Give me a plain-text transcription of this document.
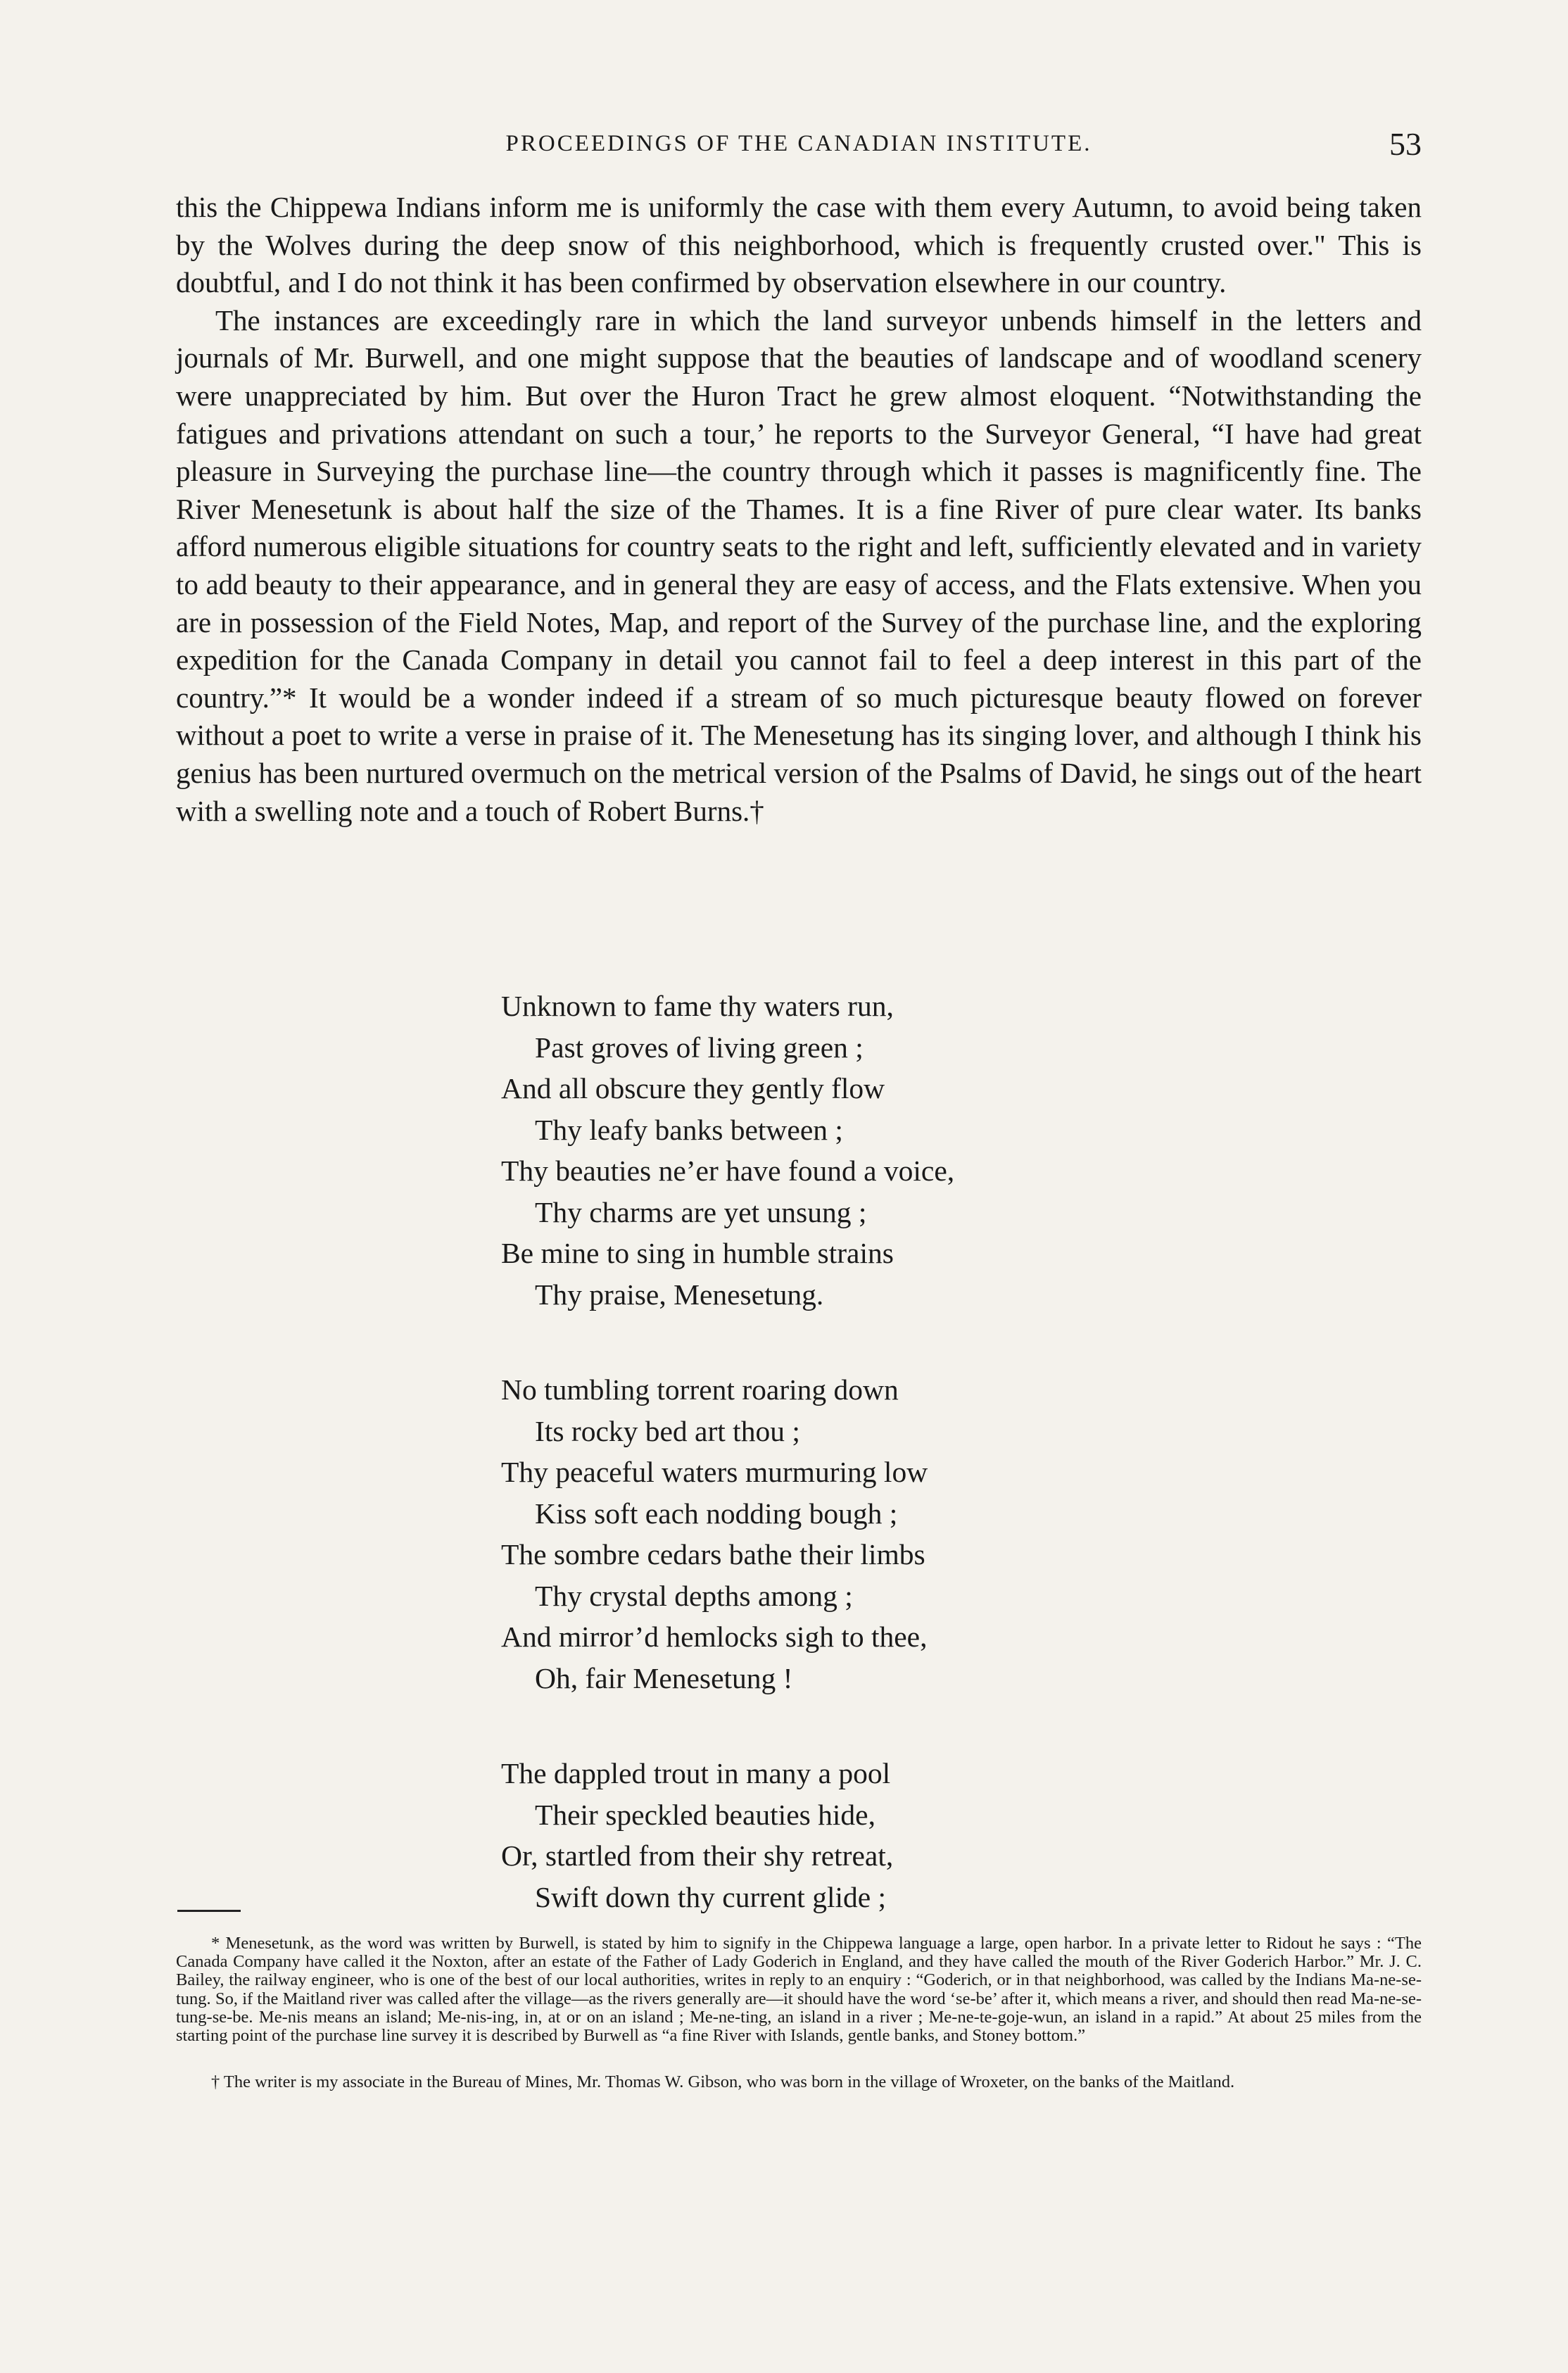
PROCEEDINGS OF THE CANADIAN INSTITUTE.	53

this the Chippewa Indians inform me is uniformly the case with them every Autumn, to avoid being taken by the Wolves during the deep snow of this neighborhood, which is frequently crusted over." This is doubtful, and I do not think it has been confirmed by observation elsewhere in our country.

The instances are exceedingly rare in which the land surveyor unbends himself in the letters and journals of Mr. Burwell, and one might suppose that the beauties of landscape and of woodland scenery were unappreciated by him. But over the Huron Tract he grew almost eloquent. “Notwithstanding the fatigues and privations attendant on such a tour,’ he reports to the Surveyor General, “I have had great pleasure in Surveying the purchase line—the country through which it passes is magnificently fine. The River Menesetunk is about half the size of the Thames. It is a fine River of pure clear water. Its banks afford numerous eligible situations for country seats to the right and left, sufficiently elevated and in variety to add beauty to their appearance, and in general they are easy of access, and the Flats extensive. When you are in possession of the Field Notes, Map, and report of the Survey of the purchase line, and the exploring expedition for the Canada Company in detail you cannot fail to feel a deep interest in this part of the country.”* It would be a wonder indeed if a stream of so much picturesque beauty flowed on forever without a poet to write a verse in praise of it. The Menesetung has its singing lover, and although I think his genius has been nurtured overmuch on the metrical version of the Psalms of David, he sings out of the heart with a swelling note and a touch of Robert Burns.†

Unknown to fame thy waters run,
Past groves of living green ;
And all obscure they gently flow
Thy leafy banks between ;
Thy beauties ne’er have found a voice,
Thy charms are yet unsung ;
Be mine to sing in humble strains
Thy praise, Menesetung.
No tumbling torrent roaring down
Its rocky bed art thou ;
Thy peaceful waters murmuring low
Kiss soft each nodding bough ;
The sombre cedars bathe their limbs
Thy crystal depths among ;
And mirror’d hemlocks sigh to thee,
Oh, fair Menesetung !
The dappled trout in many a pool
Their speckled beauties hide,
Or, startled from their shy retreat,
Swift down thy current glide ;

* Menesetunk, as the word was written by Burwell, is stated by him to signify in the Chippewa language a large, open harbor. In a private letter to Ridout he says : “The Canada Company have called it the Noxton, after an estate of the Father of Lady Goderich in England, and they have called the mouth of the River Goderich Harbor.” Mr. J. C. Bailey, the railway engineer, who is one of the best of our local authorities, writes in reply to an enquiry : “Goderich, or in that neighborhood, was called by the Indians Ma-ne-se-tung. So, if the Maitland river was called after the village—as the rivers generally are—it should have the word ‘se-be’ after it, which means a river, and should then read Ma-ne-se-tung-se-be. Me-nis means an island; Me-nis-ing, in, at or on an island ; Me-ne-ting, an island in a river ; Me-ne-te-goje-wun, an island in a rapid.” At about 25 miles from the starting point of the purchase line survey it is described by Burwell as “a fine River with Islands, gentle banks, and Stoney bottom.”

† The writer is my associate in the Bureau of Mines, Mr. Thomas W. Gibson, who was born in the village of Wroxeter, on the banks of the Maitland.
